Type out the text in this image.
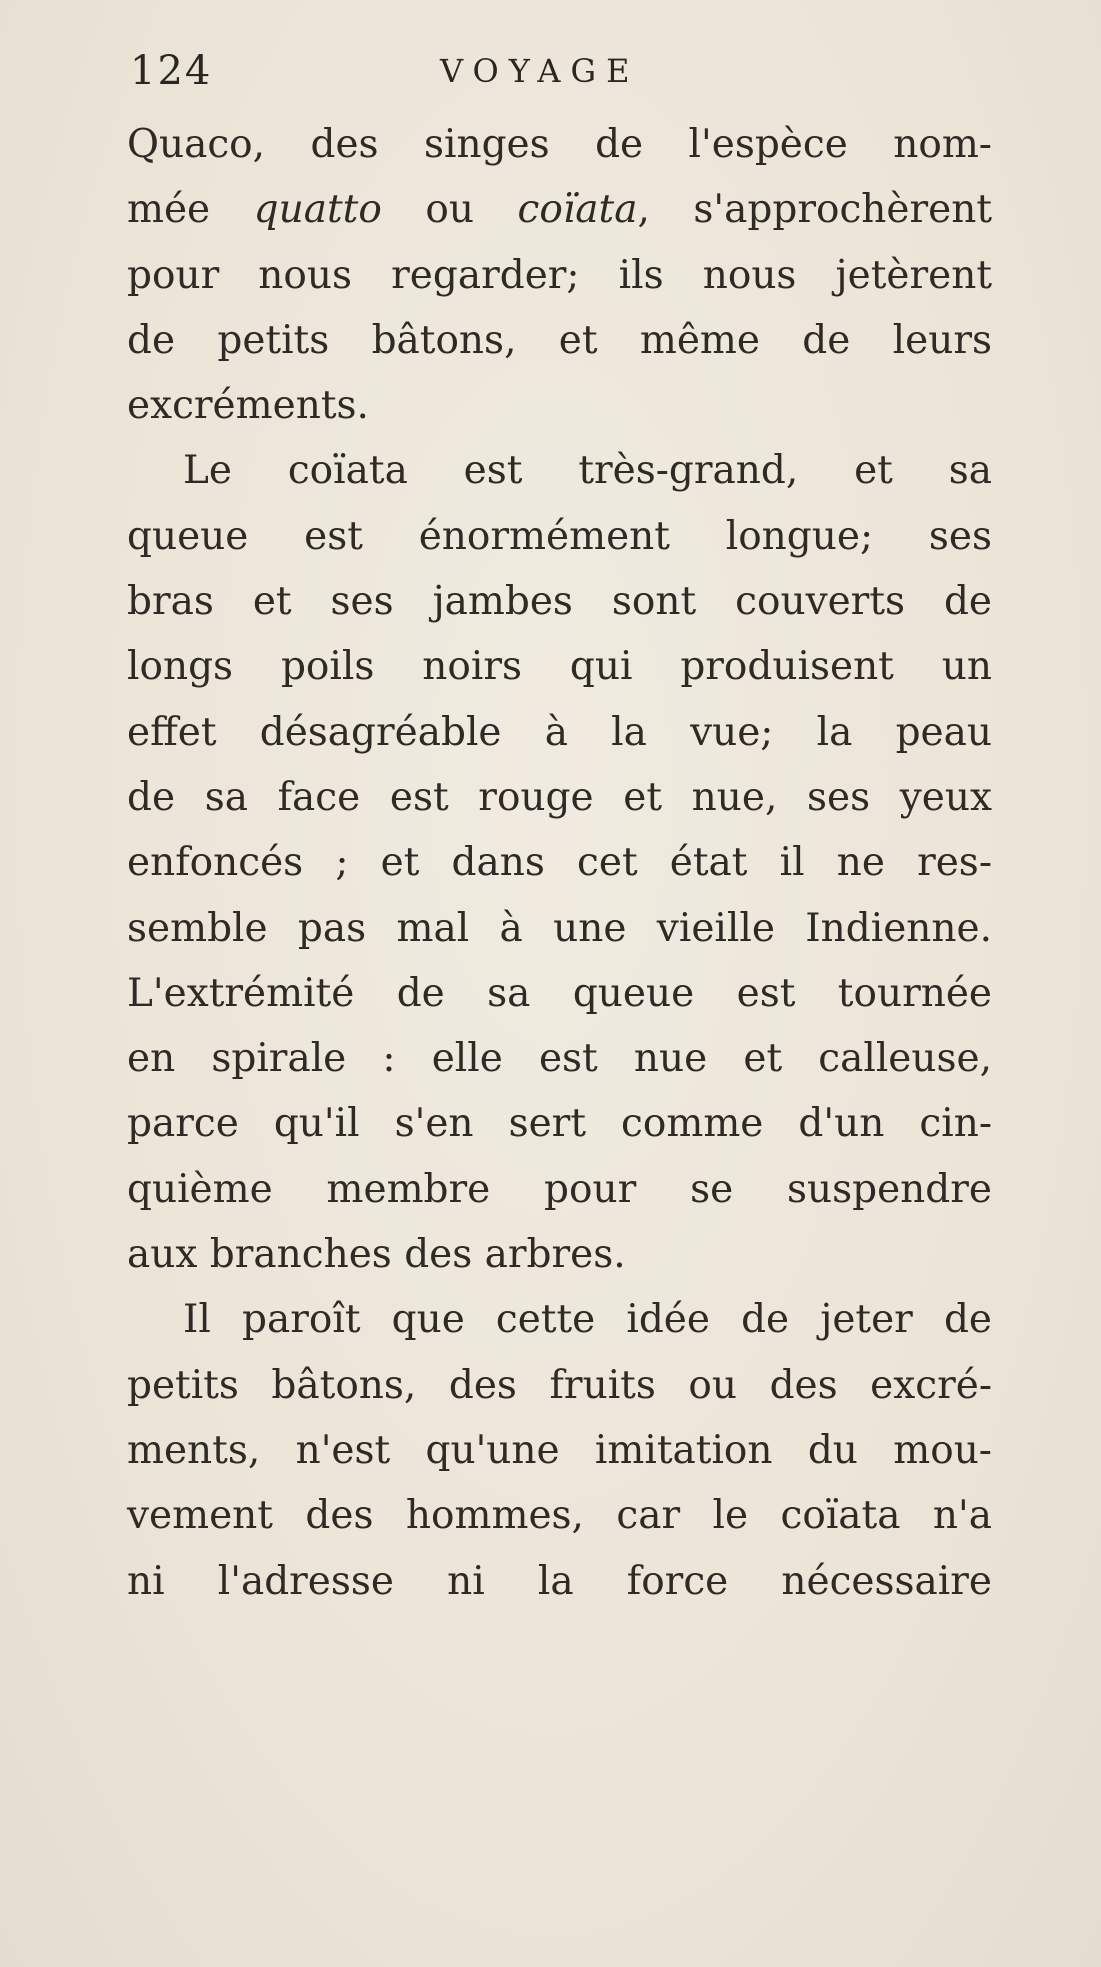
124	VOYAGE
Quaco, des singes de l'espèce nom-
mée quatto ou coïata, s'approchèrent
pour nous regarder; ils nous jetèrent
de petits bâtons, et même de leurs
excréments.
Le coïata est très-grand, et sa
queue est énormément longue; ses
bras et ses jambes sont couverts de
longs poils noirs qui produisent un
effet désagréable à la vue; la peau
de sa face est rouge et nue, ses yeux
enfoncés ; et dans cet état il ne res-
semble pas mal à une vieille Indienne.
L'extrémité de sa queue est tournée
en spirale : elle est nue et calleuse,
parce qu'il s'en sert comme d'un cin-
quième membre pour se suspendre
aux branches des arbres.
Il paroît que cette idée de jeter de
petits bâtons, des fruits ou des excré-
ments, n'est qu'une imitation du mou-
vement des hommes, car le coïata n'a
ni l'adresse ni la force nécessaire
